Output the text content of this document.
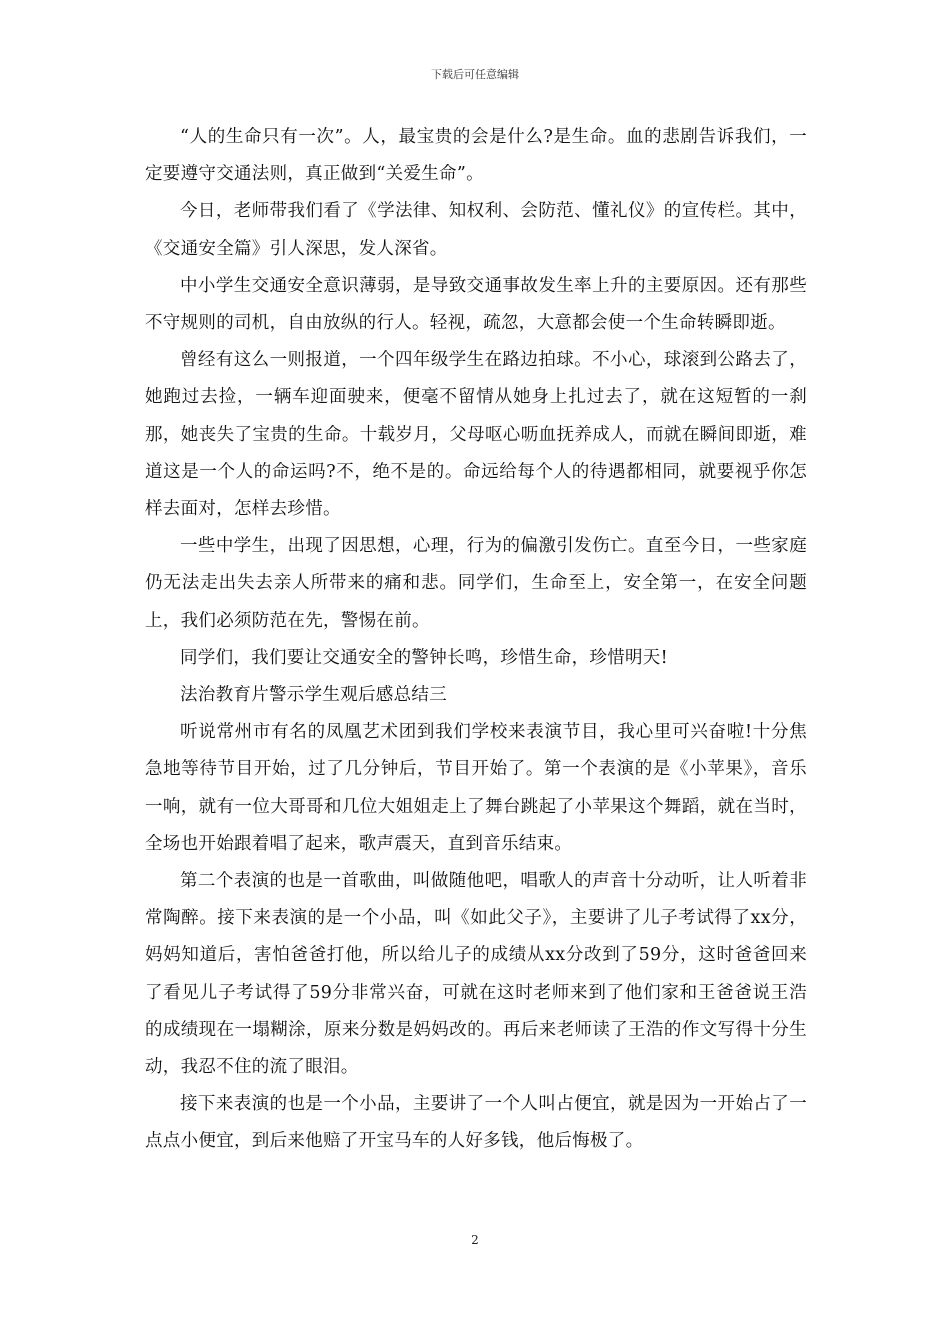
下载后可任意编辑

“人的生命只有一次”。人，最宝贵的会是什么?是生命。血的悲剧告诉我们，一定要遵守交通法则，真正做到“关爱生命”。

今日，老师带我们看了《学法律、知权利、会防范、懂礼仪》的宣传栏。其中，《交通安全篇》引人深思，发人深省。

中小学生交通安全意识薄弱，是导致交通事故发生率上升的主要原因。还有那些不守规则的司机，自由放纵的行人。轻视，疏忽，大意都会使一个生命转瞬即逝。

曾经有这么一则报道，一个四年级学生在路边拍球。不小心，球滚到公路去了，她跑过去捡，一辆车迎面驶来，便毫不留情从她身上扎过去了，就在这短暂的一刹那，她丧失了宝贵的生命。十载岁月，父母呕心呖血抚养成人，而就在瞬间即逝，难道这是一个人的命运吗?不，绝不是的。命远给每个人的待遇都相同，就要视乎你怎样去面对，怎样去珍惜。

一些中学生，出现了因思想，心理，行为的偏激引发伤亡。直至今日，一些家庭仍无法走出失去亲人所带来的痛和悲。同学们，生命至上，安全第一，在安全问题上，我们必须防范在先，警惕在前。

同学们，我们要让交通安全的警钟长鸣，珍惜生命，珍惜明天!

法治教育片警示学生观后感总结三

听说常州市有名的凤凰艺术团到我们学校来表演节目，我心里可兴奋啦!十分焦急地等待节目开始，过了几分钟后，节目开始了。第一个表演的是《小苹果》，音乐一响，就有一位大哥哥和几位大姐姐走上了舞台跳起了小苹果这个舞蹈，就在当时，全场也开始跟着唱了起来，歌声震天，直到音乐结束。

第二个表演的也是一首歌曲，叫做随他吧，唱歌人的声音十分动听，让人听着非常陶醉。接下来表演的是一个小品，叫《如此父子》，主要讲了儿子考试得了xx分，妈妈知道后，害怕爸爸打他，所以给儿子的成绩从xx分改到了59分，这时爸爸回来了看见儿子考试得了59分非常兴奋，可就在这时老师来到了他们家和王爸爸说王浩的成绩现在一塌糊涂，原来分数是妈妈改的。再后来老师读了王浩的作文写得十分生动，我忍不住的流了眼泪。

接下来表演的也是一个小品，主要讲了一个人叫占便宜，就是因为一开始占了一点点小便宜，到后来他赔了开宝马车的人好多钱，他后悔极了。

2
